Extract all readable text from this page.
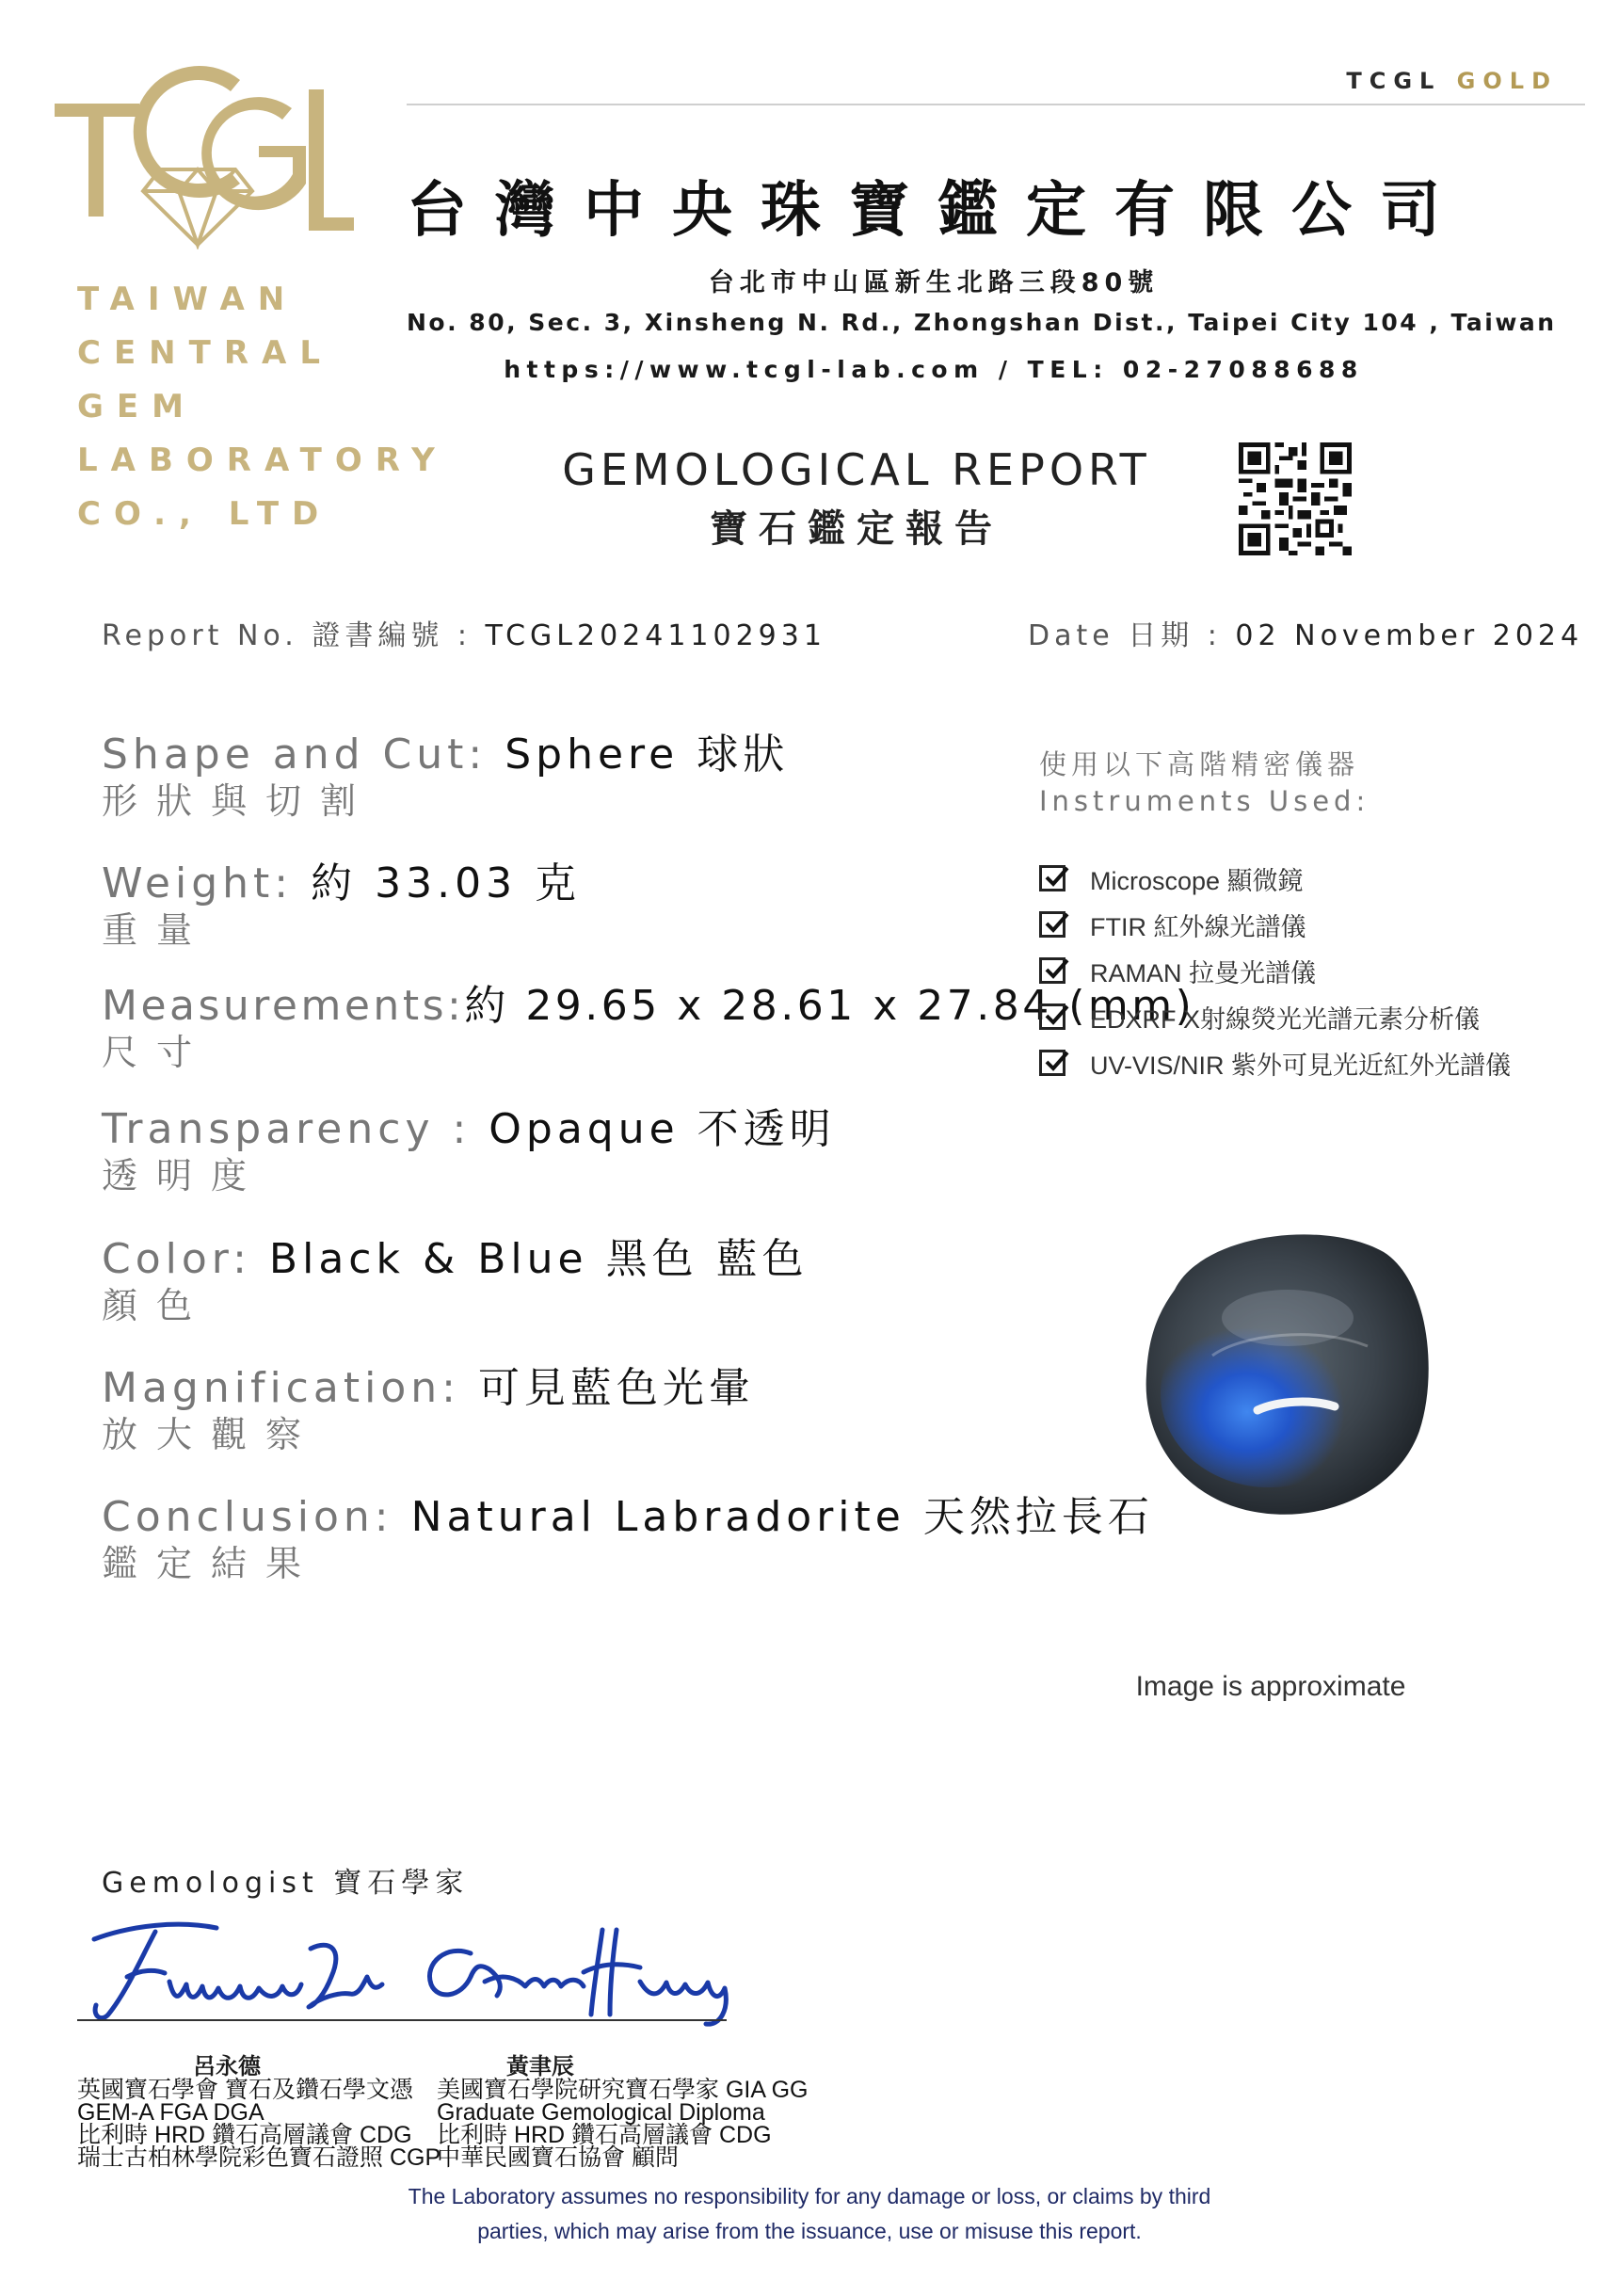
TAIWAN
CENTRAL
GEM
LABORATORY
CO., LTD
TCGL GOLD
台灣中央珠寶鑑定有限公司
台北市中山區新生北路三段80號
No. 80, Sec. 3, Xinsheng N. Rd., Zhongshan Dist., Taipei City 104 , Taiwan
https://www.tcgl-lab.com / TEL: 02-27088688
GEMOLOGICAL REPORT
寶石鑑定報告
Report No. 證書編號 : TCGL20241102931	Date 日期 : 02 November 2024
Shape and Cut: Sphere 球狀
形狀與切割
Weight: 約 33.03 克
重量
Measurements:約 29.65 x 28.61 x 27.84 (mm)
尺寸
Transparency : Opaque 不透明
透明度
Color: Black & Blue 黑色 藍色
顏色
Magnification: 可見藍色光暈
放大觀察
Conclusion: Natural Labradorite 天然拉長石
鑑定結果
使用以下高階精密儀器
Instruments Used:
Microscope 顯微鏡
FTIR 紅外線光譜儀
RAMAN 拉曼光譜儀
EDXRF X射線熒光光譜元素分析儀
UV-VIS/NIR 紫外可見光近紅外光譜儀
Image is approximate
Gemologist 寶石學家
呂永德
英國寶石學會 寶石及鑽石學文憑
GEM-A FGA DGA
比利時 HRD 鑽石高層議會 CDG
瑞士古柏林學院彩色寶石證照 CGP
黃聿辰
美國寶石學院研究寶石學家 GIA GG
Graduate Gemological Diploma
比利時 HRD 鑽石高層議會 CDG
中華民國寶石協會 顧問
The Laboratory assumes no responsibility for any damage or loss, or claims by third
parties, which may arise from the issuance, use or misuse this report.
